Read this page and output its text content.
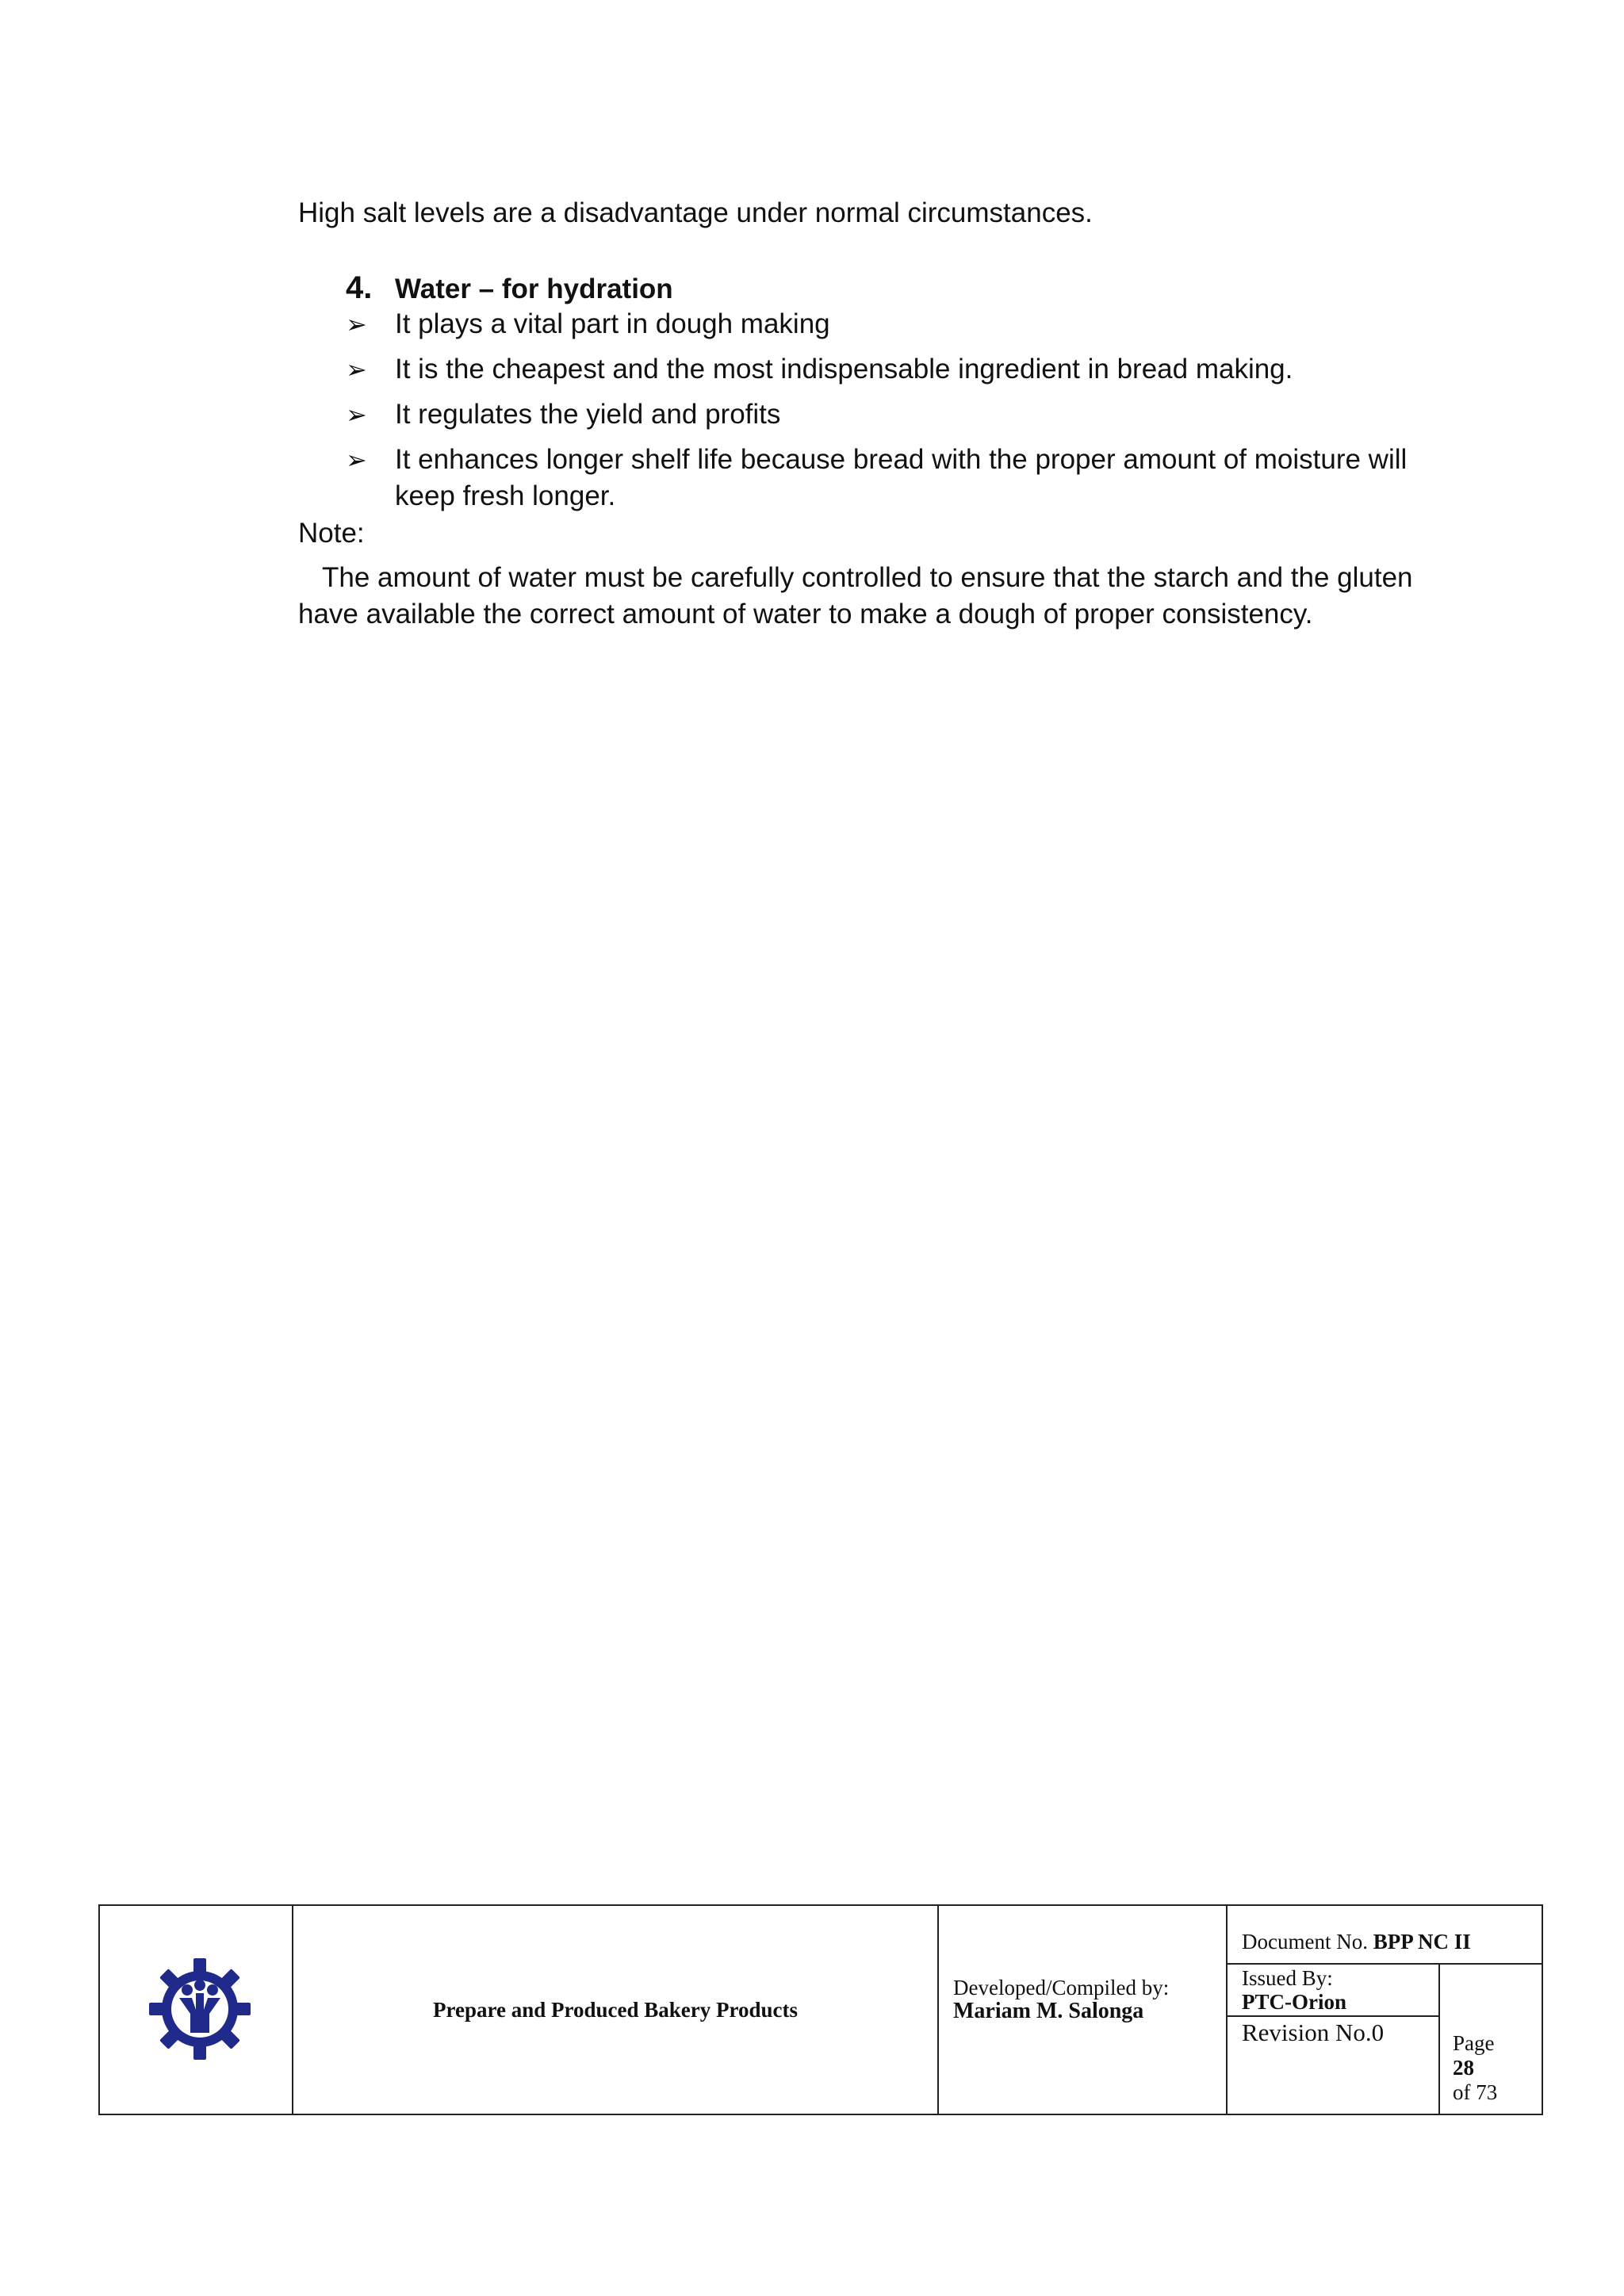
High salt levels are a disadvantage under normal circumstances.
4. Water – for hydration
➢ It plays a vital part in dough making
➢ It is the cheapest and the most indispensable ingredient in bread making.
➢ It regulates the yield and profits
➢ It enhances longer shelf life because bread with the proper amount of moisture will keep fresh longer.
Note:
The amount of water must be carefully controlled to ensure that the starch and the gluten have available the correct amount of water to make a dough of proper consistency.
Prepare and Produced Bakery Products
Developed/Compiled by:
Mariam M. Salonga
Document No. BPP NC II
Issued By:
PTC-Orion
Revision No.0	Page
28
of 73
